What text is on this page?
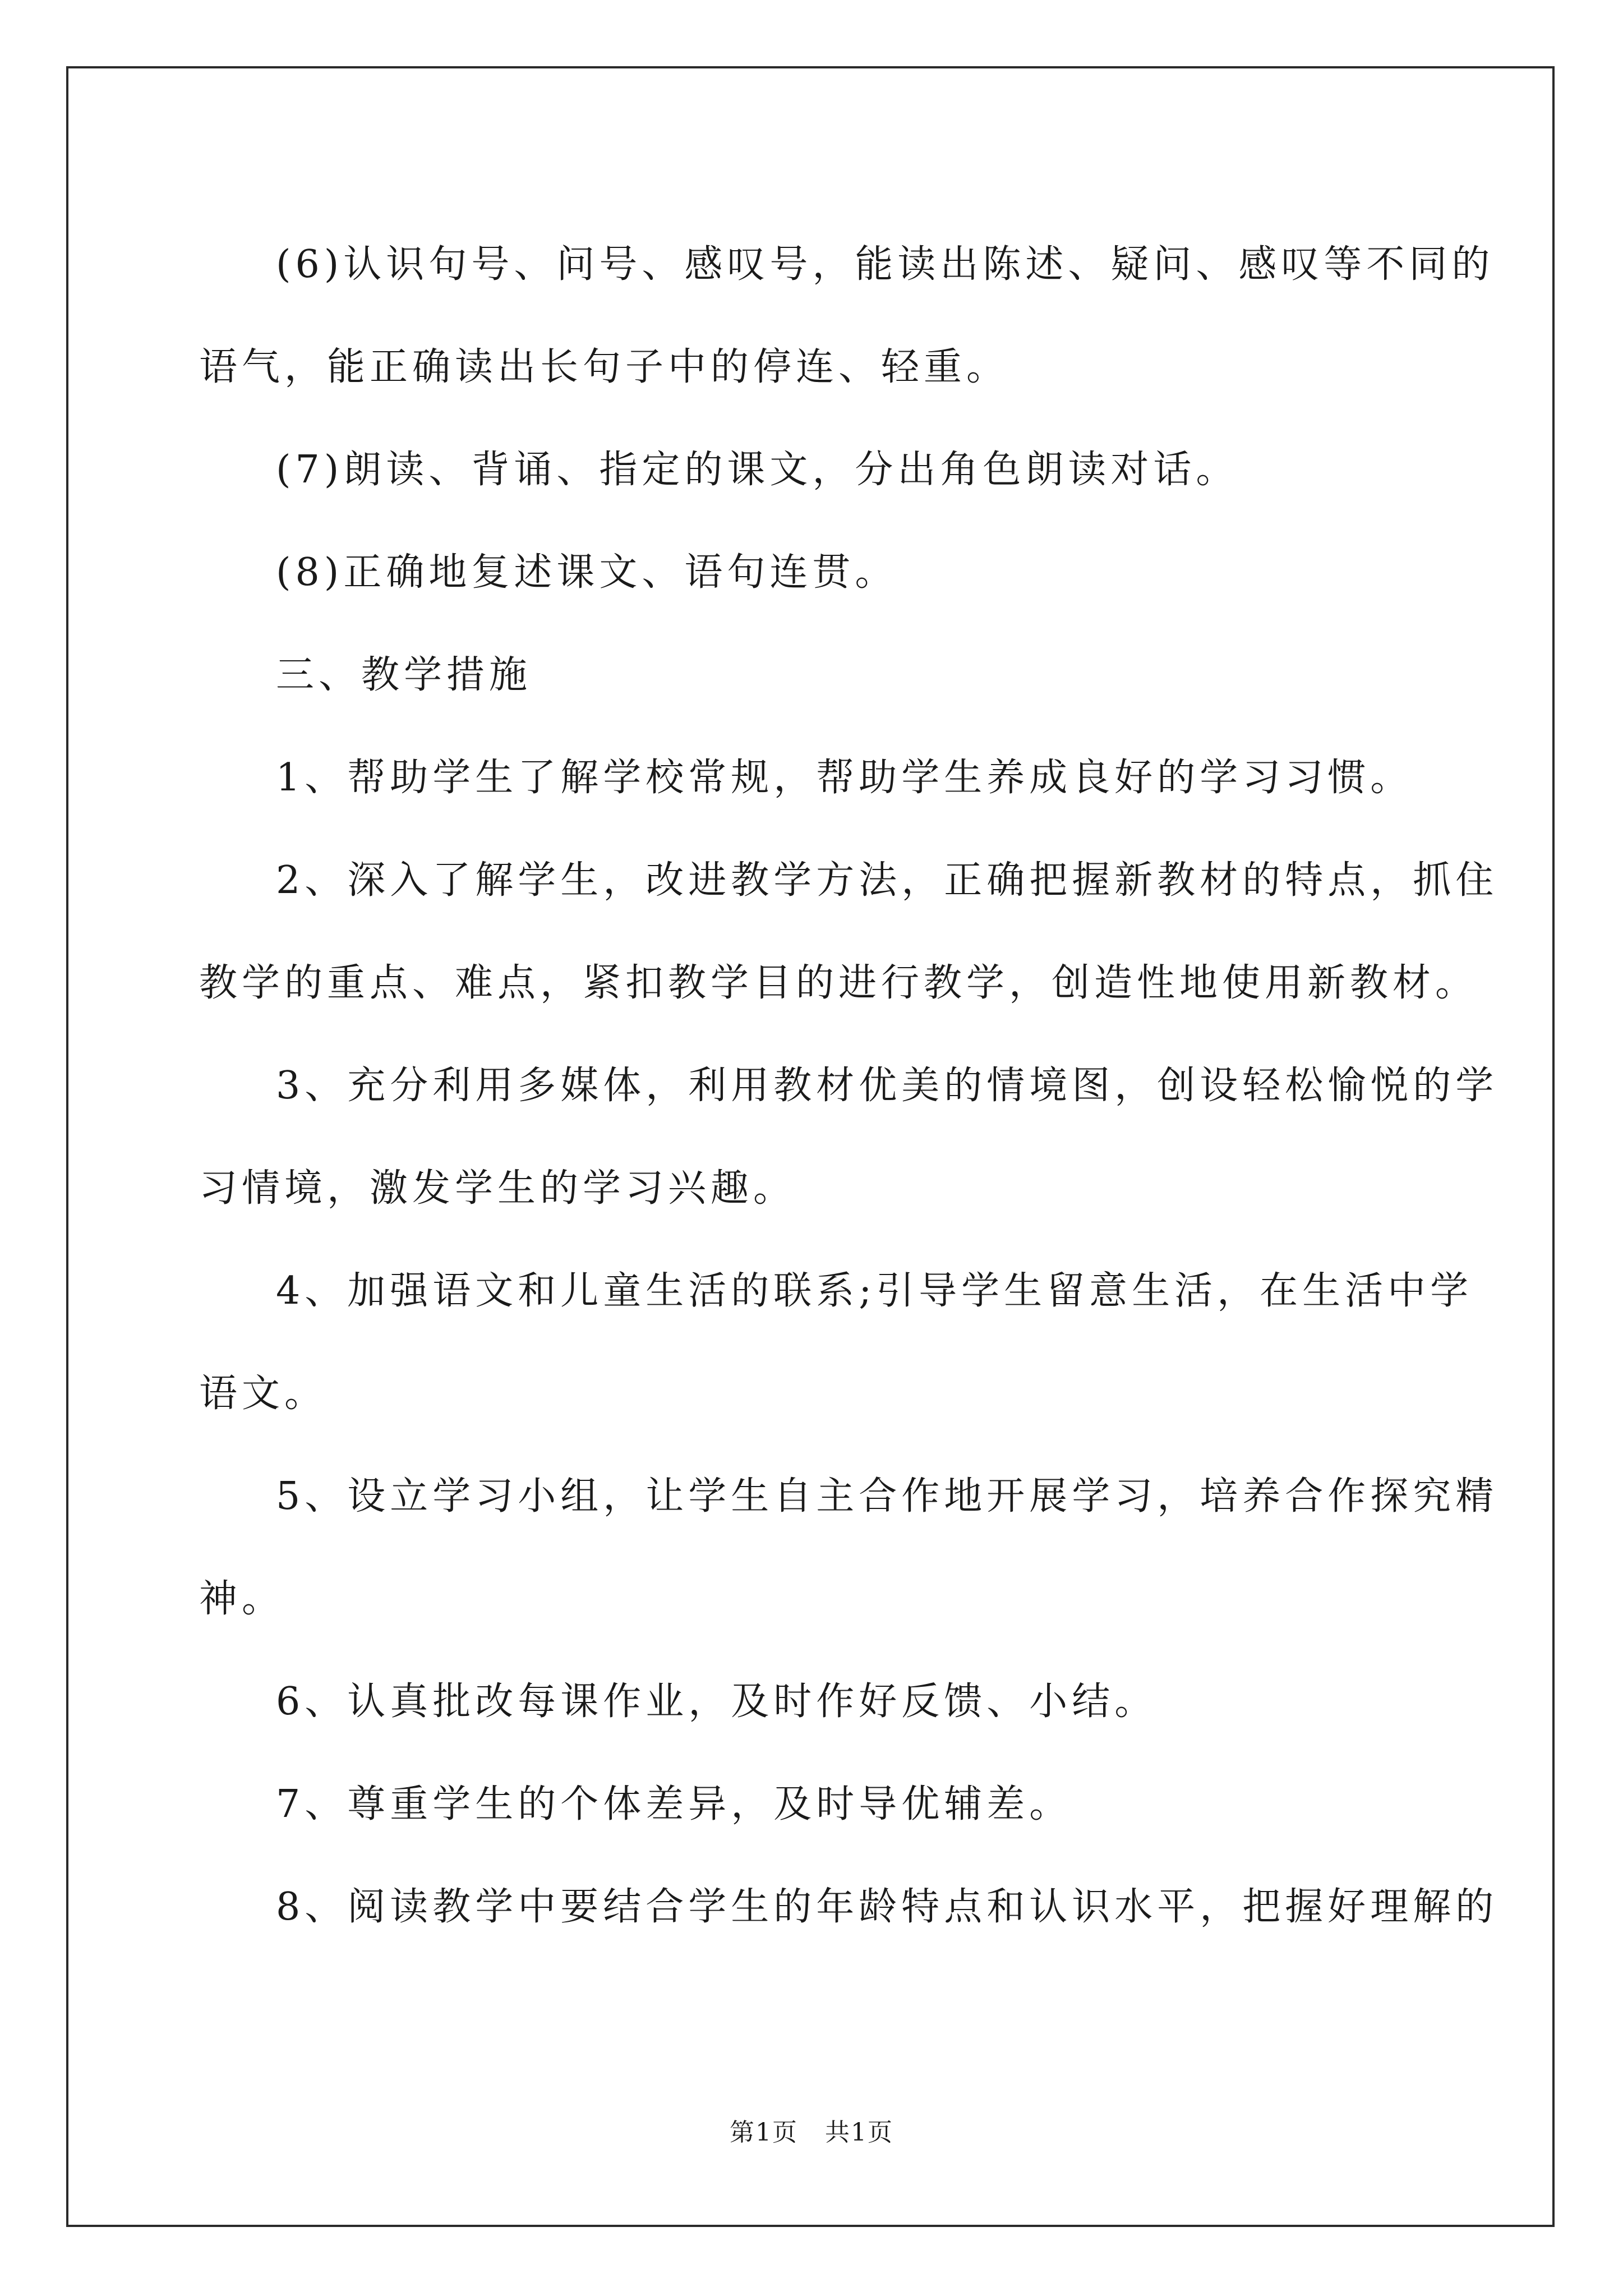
(6)认识句号、问号、感叹号，能读出陈述、疑问、感叹等不同的

语气，能正确读出长句子中的停连、轻重。

(7)朗读、背诵、指定的课文，分出角色朗读对话。

(8)正确地复述课文、语句连贯。

三、教学措施

1、帮助学生了解学校常规，帮助学生养成良好的学习习惯。

2、深入了解学生，改进教学方法，正确把握新教材的特点，抓住

教学的重点、难点，紧扣教学目的进行教学，创造性地使用新教材。

3、充分利用多媒体，利用教材优美的情境图，创设轻松愉悦的学

习情境，激发学生的学习兴趣。

4、加强语文和儿童生活的联系;引导学生留意生活，在生活中学

语文。

5、设立学习小组，让学生自主合作地开展学习，培养合作探究精

神。

6、认真批改每课作业，及时作好反馈、小结。

7、尊重学生的个体差异，及时导优辅差。

8、阅读教学中要结合学生的年龄特点和认识水平，把握好理解的

第1页   共1页
